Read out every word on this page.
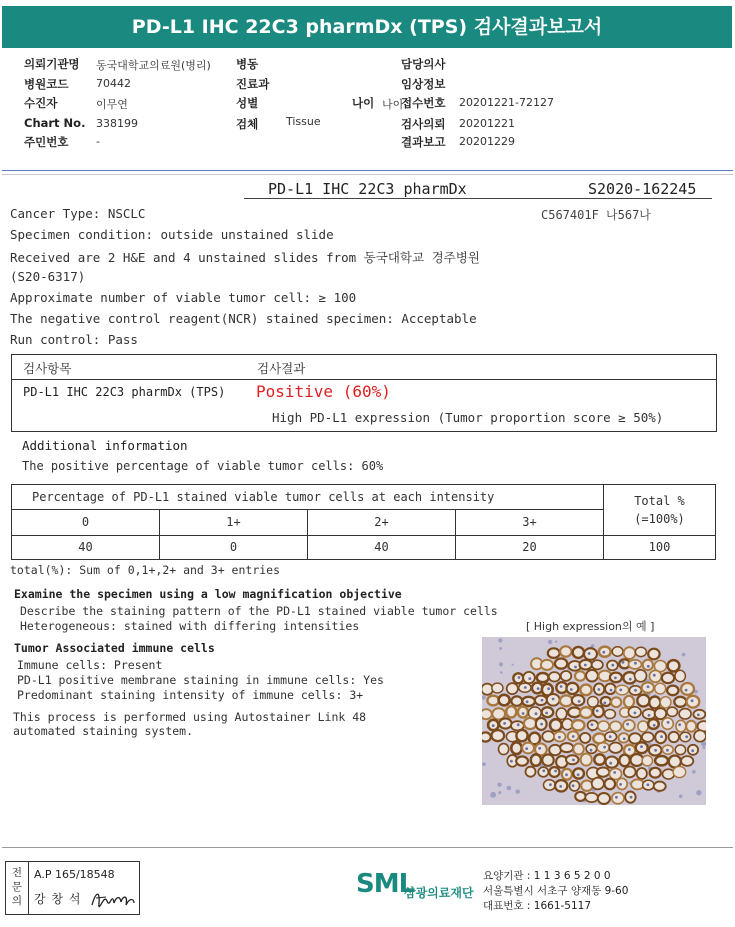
PD-L1 IHC 22C3 pharmDx (TPS) 검사결과보고서
의뢰기관명 동국대학교의료원(병리)
병원코드	70442
수진자	이무연
Chart No. 338199
주민번호	-
병동
진료과
성별
검체	Tissue
나이 나이
담당의사
임상정보
접수번호 20201221-72127
검사의뢰 20201221
결과보고 20201229
PD-L1 IHC 22C3 pharmDx	S2020-162245
C567401F 나567나
Cancer Type: NSCLC
Specimen condition: outside unstained slide
Received are 2 H&E and 4 unstained slides from 동국대학교 경주병원
(S20-6317)
Approximate number of viable tumor cell: ≥ 100
The negative control reagent(NCR) stained specimen: Acceptable
Run control: Pass
검사항목	검사결과
PD-L1 IHC 22C3 pharmDx (TPS) Positive (60%)
High PD-L1 expression (Tumor proportion score ≥ 50%)
Additional information
The positive percentage of viable tumor cells: 60%
Percentage of PD-L1 stained viable tumor cells at each intensity				Total %
(=100%)

0	1+	2+	3+	
40	0	40	20	100
total(%): Sum of 0,1+,2+ and 3+ entries
Examine the specimen using a low magnification objective
Describe the staining pattern of the PD-L1 stained viable tumor cells
Heterogeneous: stained with differing intensities	[ High expression의 예 ]
Tumor Associated immune cells
Immune cells: Present
PD-L1 positive membrane staining in immune cells: Yes
Predominant staining intensity of immune cells: 3+
This process is performed using Autostainer Link 48
automated staining system.
전문의
A.P 165/18548
강 창 석	SML
삼광의료재단
요양기관 : 1 1 3 6 5 2 0 0
서울특별시 서초구 양재동 9-60
대표번호 : 1661-5117
